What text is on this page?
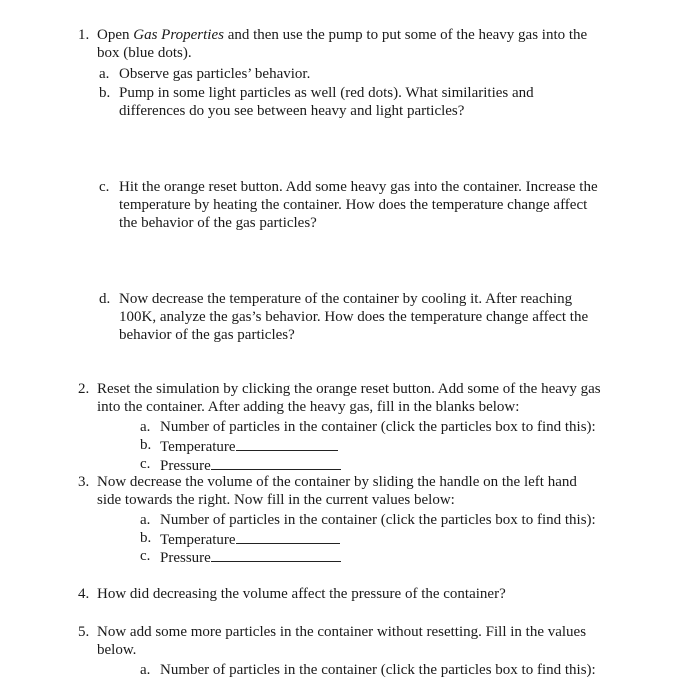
1. Open Gas Properties and then use the pump to put some of the heavy gas into the
box (blue dots).
a. Observe gas particles’ behavior.
b. Pump in some light particles as well (red dots). What similarities and
differences do you see between heavy and light particles?
c. Hit the orange reset button. Add some heavy gas into the container. Increase the
temperature by heating the container. How does the temperature change affect
the behavior of the gas particles?
d. Now decrease the temperature of the container by cooling it. After reaching
100K, analyze the gas’s behavior. How does the temperature change affect the
behavior of the gas particles?
2. Reset the simulation by clicking the orange reset button. Add some of the heavy gas
into the container. After adding the heavy gas, fill in the blanks below:
a. Number of particles in the container (click the particles box to find this):
b. Temperature
c. Pressure
3. Now decrease the volume of the container by sliding the handle on the left hand
side towards the right. Now fill in the current values below:
a. Number of particles in the container (click the particles box to find this):
b. Temperature
c. Pressure
4. How did decreasing the volume affect the pressure of the container?
5. Now add some more particles in the container without resetting. Fill in the values
below.
a. Number of particles in the container (click the particles box to find this):
